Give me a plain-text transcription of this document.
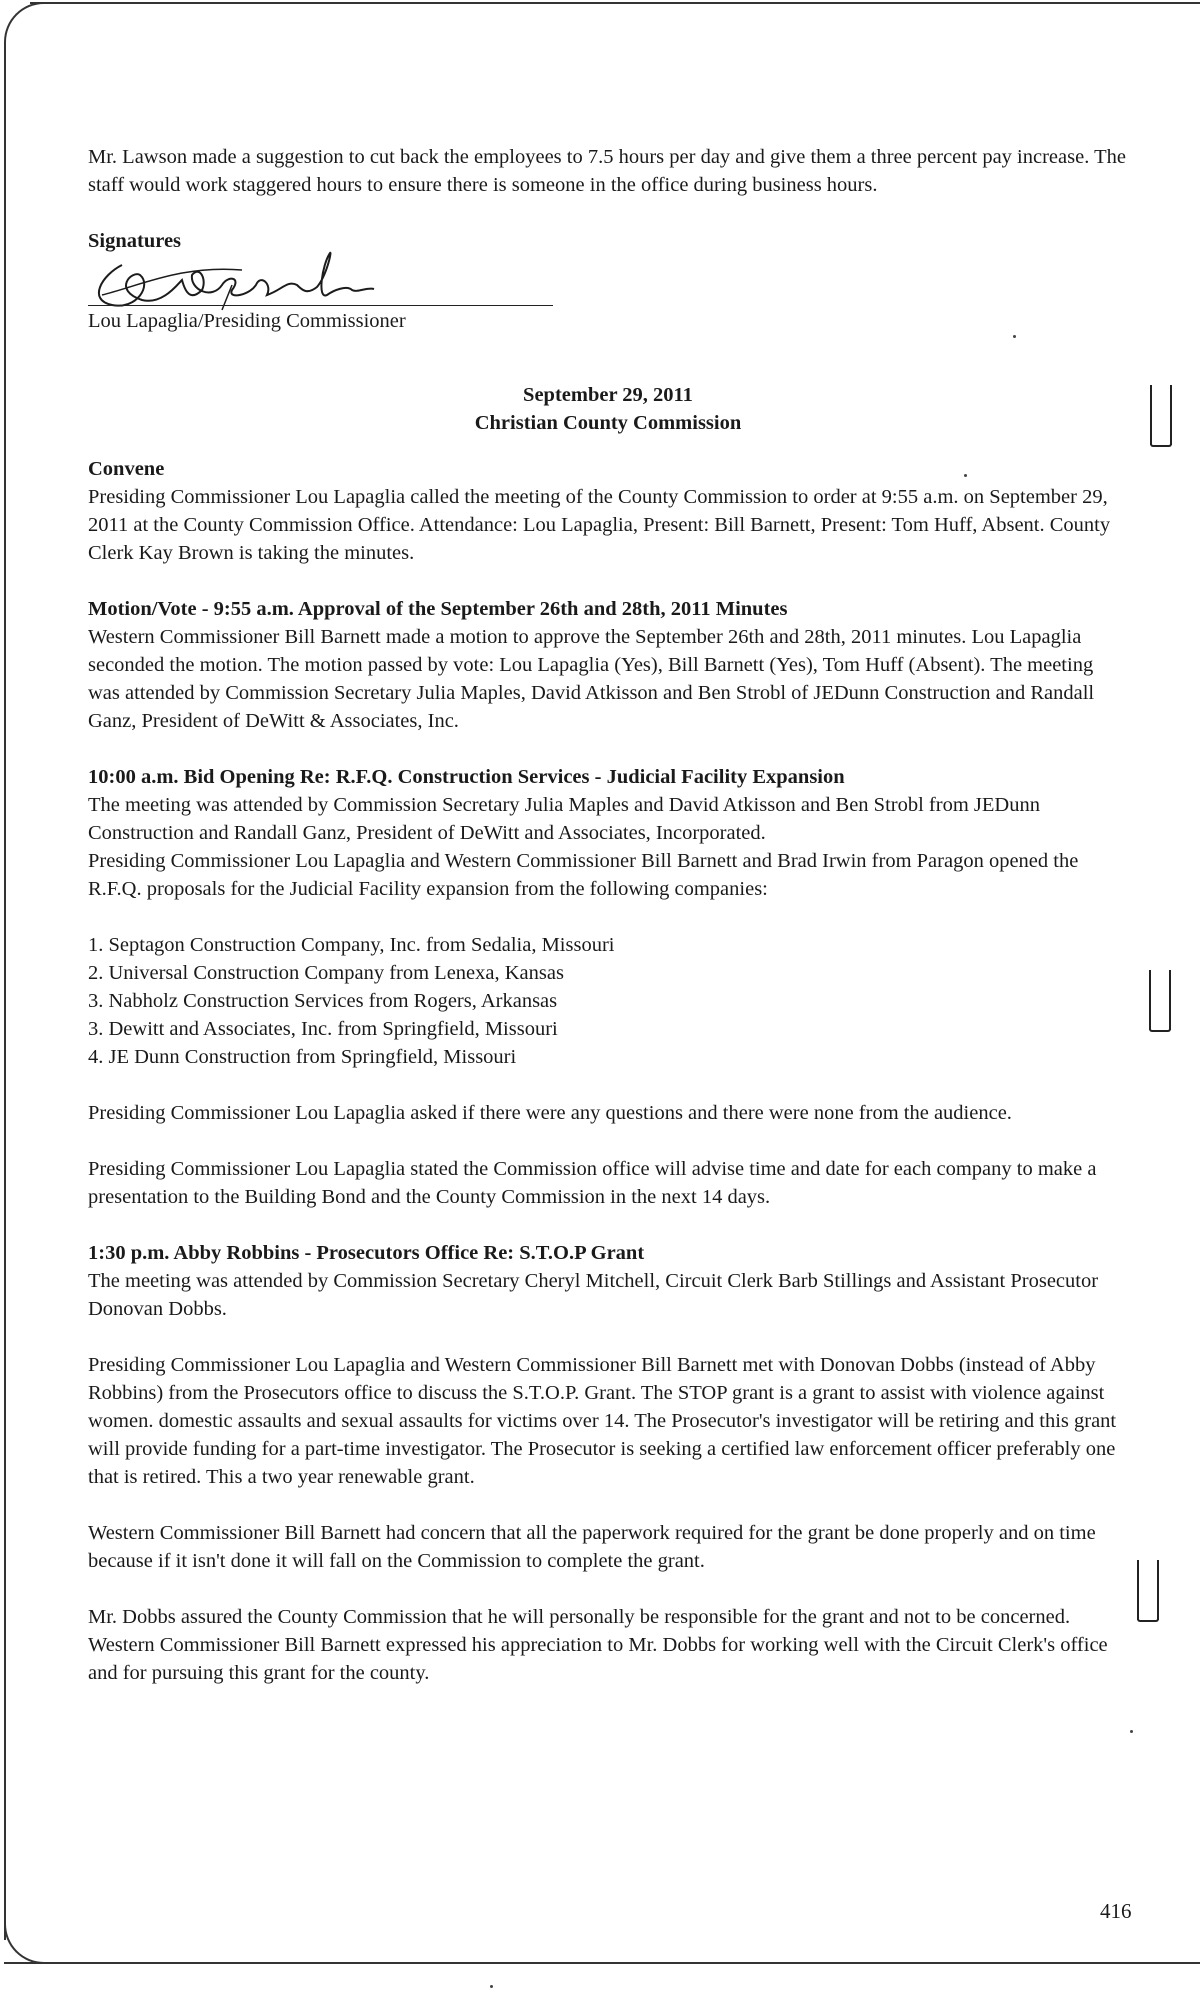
Mr. Lawson made a suggestion to cut back the employees to 7.5 hours per day and give them a three percent pay increase. The staff would work staggered hours to ensure there is someone in the office during business hours.

Signatures

Lou Lapaglia/Presiding Commissioner

September 29, 2011

Christian County Commission

Convene

Presiding Commissioner Lou Lapaglia called the meeting of the County Commission to order at 9:55 a.m. on September 29, 2011 at the County Commission Office. Attendance: Lou Lapaglia, Present: Bill Barnett, Present: Tom Huff, Absent. County Clerk Kay Brown is taking the minutes.

Motion/Vote - 9:55 a.m. Approval of the September 26th and 28th, 2011 Minutes

Western Commissioner Bill Barnett made a motion to approve the September 26th and 28th, 2011 minutes. Lou Lapaglia seconded the motion. The motion passed by vote: Lou Lapaglia (Yes), Bill Barnett (Yes), Tom Huff (Absent). The meeting was attended by Commission Secretary Julia Maples, David Atkisson and Ben Strobl of JEDunn Construction and Randall Ganz, President of DeWitt & Associates, Inc.

10:00 a.m. Bid Opening Re: R.F.Q. Construction Services - Judicial Facility Expansion

The meeting was attended by Commission Secretary Julia Maples and David Atkisson and Ben Strobl from JEDunn Construction and Randall Ganz, President of DeWitt and Associates, Incorporated.

Presiding Commissioner Lou Lapaglia and Western Commissioner Bill Barnett and Brad Irwin from Paragon opened the R.F.Q. proposals for the Judicial Facility expansion from the following companies:

1. Septagon Construction Company, Inc. from Sedalia, Missouri

2. Universal Construction Company from Lenexa, Kansas

3. Nabholz Construction Services from Rogers, Arkansas

3. Dewitt and Associates, Inc. from Springfield, Missouri

4. JE Dunn Construction from Springfield, Missouri

Presiding Commissioner Lou Lapaglia asked if there were any questions and there were none from the audience.

Presiding Commissioner Lou Lapaglia stated the Commission office will advise time and date for each company to make a presentation to the Building Bond and the County Commission in the next 14 days.

1:30 p.m. Abby Robbins - Prosecutors Office Re: S.T.O.P Grant

The meeting was attended by Commission Secretary Cheryl Mitchell, Circuit Clerk Barb Stillings and Assistant Prosecutor Donovan Dobbs.

Presiding Commissioner Lou Lapaglia and Western Commissioner Bill Barnett met with Donovan Dobbs (instead of Abby Robbins) from the Prosecutors office to discuss the S.T.O.P. Grant. The STOP grant is a grant to assist with violence against women. domestic assaults and sexual assaults for victims over 14. The Prosecutor's investigator will be retiring and this grant will provide funding for a part-time investigator. The Prosecutor is seeking a certified law enforcement officer preferably one that is retired. This a two year renewable grant.

Western Commissioner Bill Barnett had concern that all the paperwork required for the grant be done properly and on time because if it isn't done it will fall on the Commission to complete the grant.

Mr. Dobbs assured the County Commission that he will personally be responsible for the grant and not to be concerned.

Western Commissioner Bill Barnett expressed his appreciation to Mr. Dobbs for working well with the Circuit Clerk's office and for pursuing this grant for the county.

416
